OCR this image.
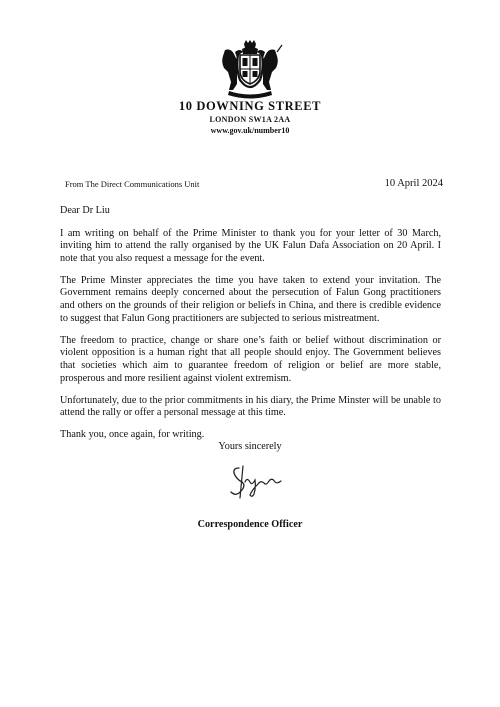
10 DOWNING STREET
LONDON SW1A 2AA
www.gov.uk/number10
From The Direct Communications Unit	10 April 2024

Dear Dr Liu

I am writing on behalf of the Prime Minister to thank you for your letter of 30 March, inviting him to attend the rally organised by the UK Falun Dafa Association on 20 April. I note that you also request a message for the event.

The Prime Minster appreciates the time you have taken to extend your invitation. The Government remains deeply concerned about the persecution of Falun Gong practitioners and others on the grounds of their religion or beliefs in China, and there is credible evidence to suggest that Falun Gong practitioners are subjected to serious mistreatment.

The freedom to practice, change or share one’s faith or belief without discrimination or violent opposition is a human right that all people should enjoy. The Government believes that societies which aim to guarantee freedom of religion or belief are more stable, prosperous and more resilient against violent extremism.

Unfortunately, due to the prior commitments in his diary, the Prime Minster will be unable to attend the rally or offer a personal message at this time.

Thank you, once again, for writing.

Yours sincerely
Correspondence Officer
